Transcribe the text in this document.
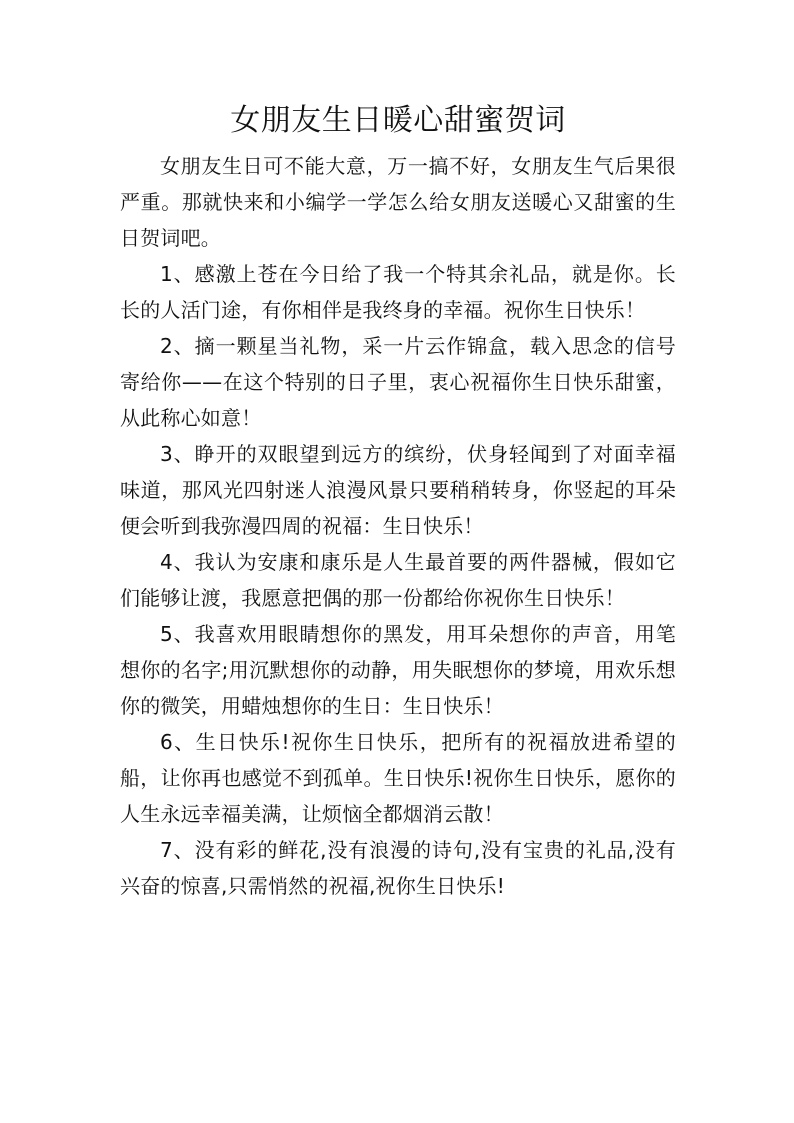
女朋友生日暖心甜蜜贺词

女朋友生日可不能大意，万一搞不好，女朋友生气后果很严重。那就快来和小编学一学怎么给女朋友送暖心又甜蜜的生日贺词吧。

1、感激上苍在今日给了我一个特其余礼品，就是你。长长的人活门途，有你相伴是我终身的幸福。祝你生日快乐！

2、摘一颗星当礼物，采一片云作锦盒，载入思念的信号寄给你——在这个特别的日子里，衷心祝福你生日快乐甜蜜，从此称心如意！

3、睁开的双眼望到远方的缤纷，伏身轻闻到了对面幸福味道，那风光四射迷人浪漫风景只要稍稍转身，你竖起的耳朵便会听到我弥漫四周的祝福：生日快乐！

4、我认为安康和康乐是人生最首要的两件器械，假如它们能够让渡，我愿意把偶的那一份都给你祝你生日快乐！

5、我喜欢用眼睛想你的黑发，用耳朵想你的声音，用笔想你的名字;用沉默想你的动静，用失眠想你的梦境，用欢乐想你的微笑，用蜡烛想你的生日：生日快乐！

6、生日快乐!祝你生日快乐，把所有的祝福放进希望的船，让你再也感觉不到孤单。生日快乐!祝你生日快乐，愿你的人生永远幸福美满，让烦恼全都烟消云散！

7、没有彩的鲜花,没有浪漫的诗句,没有宝贵的礼品,没有兴奋的惊喜,只需悄然的祝福,祝你生日快乐!
